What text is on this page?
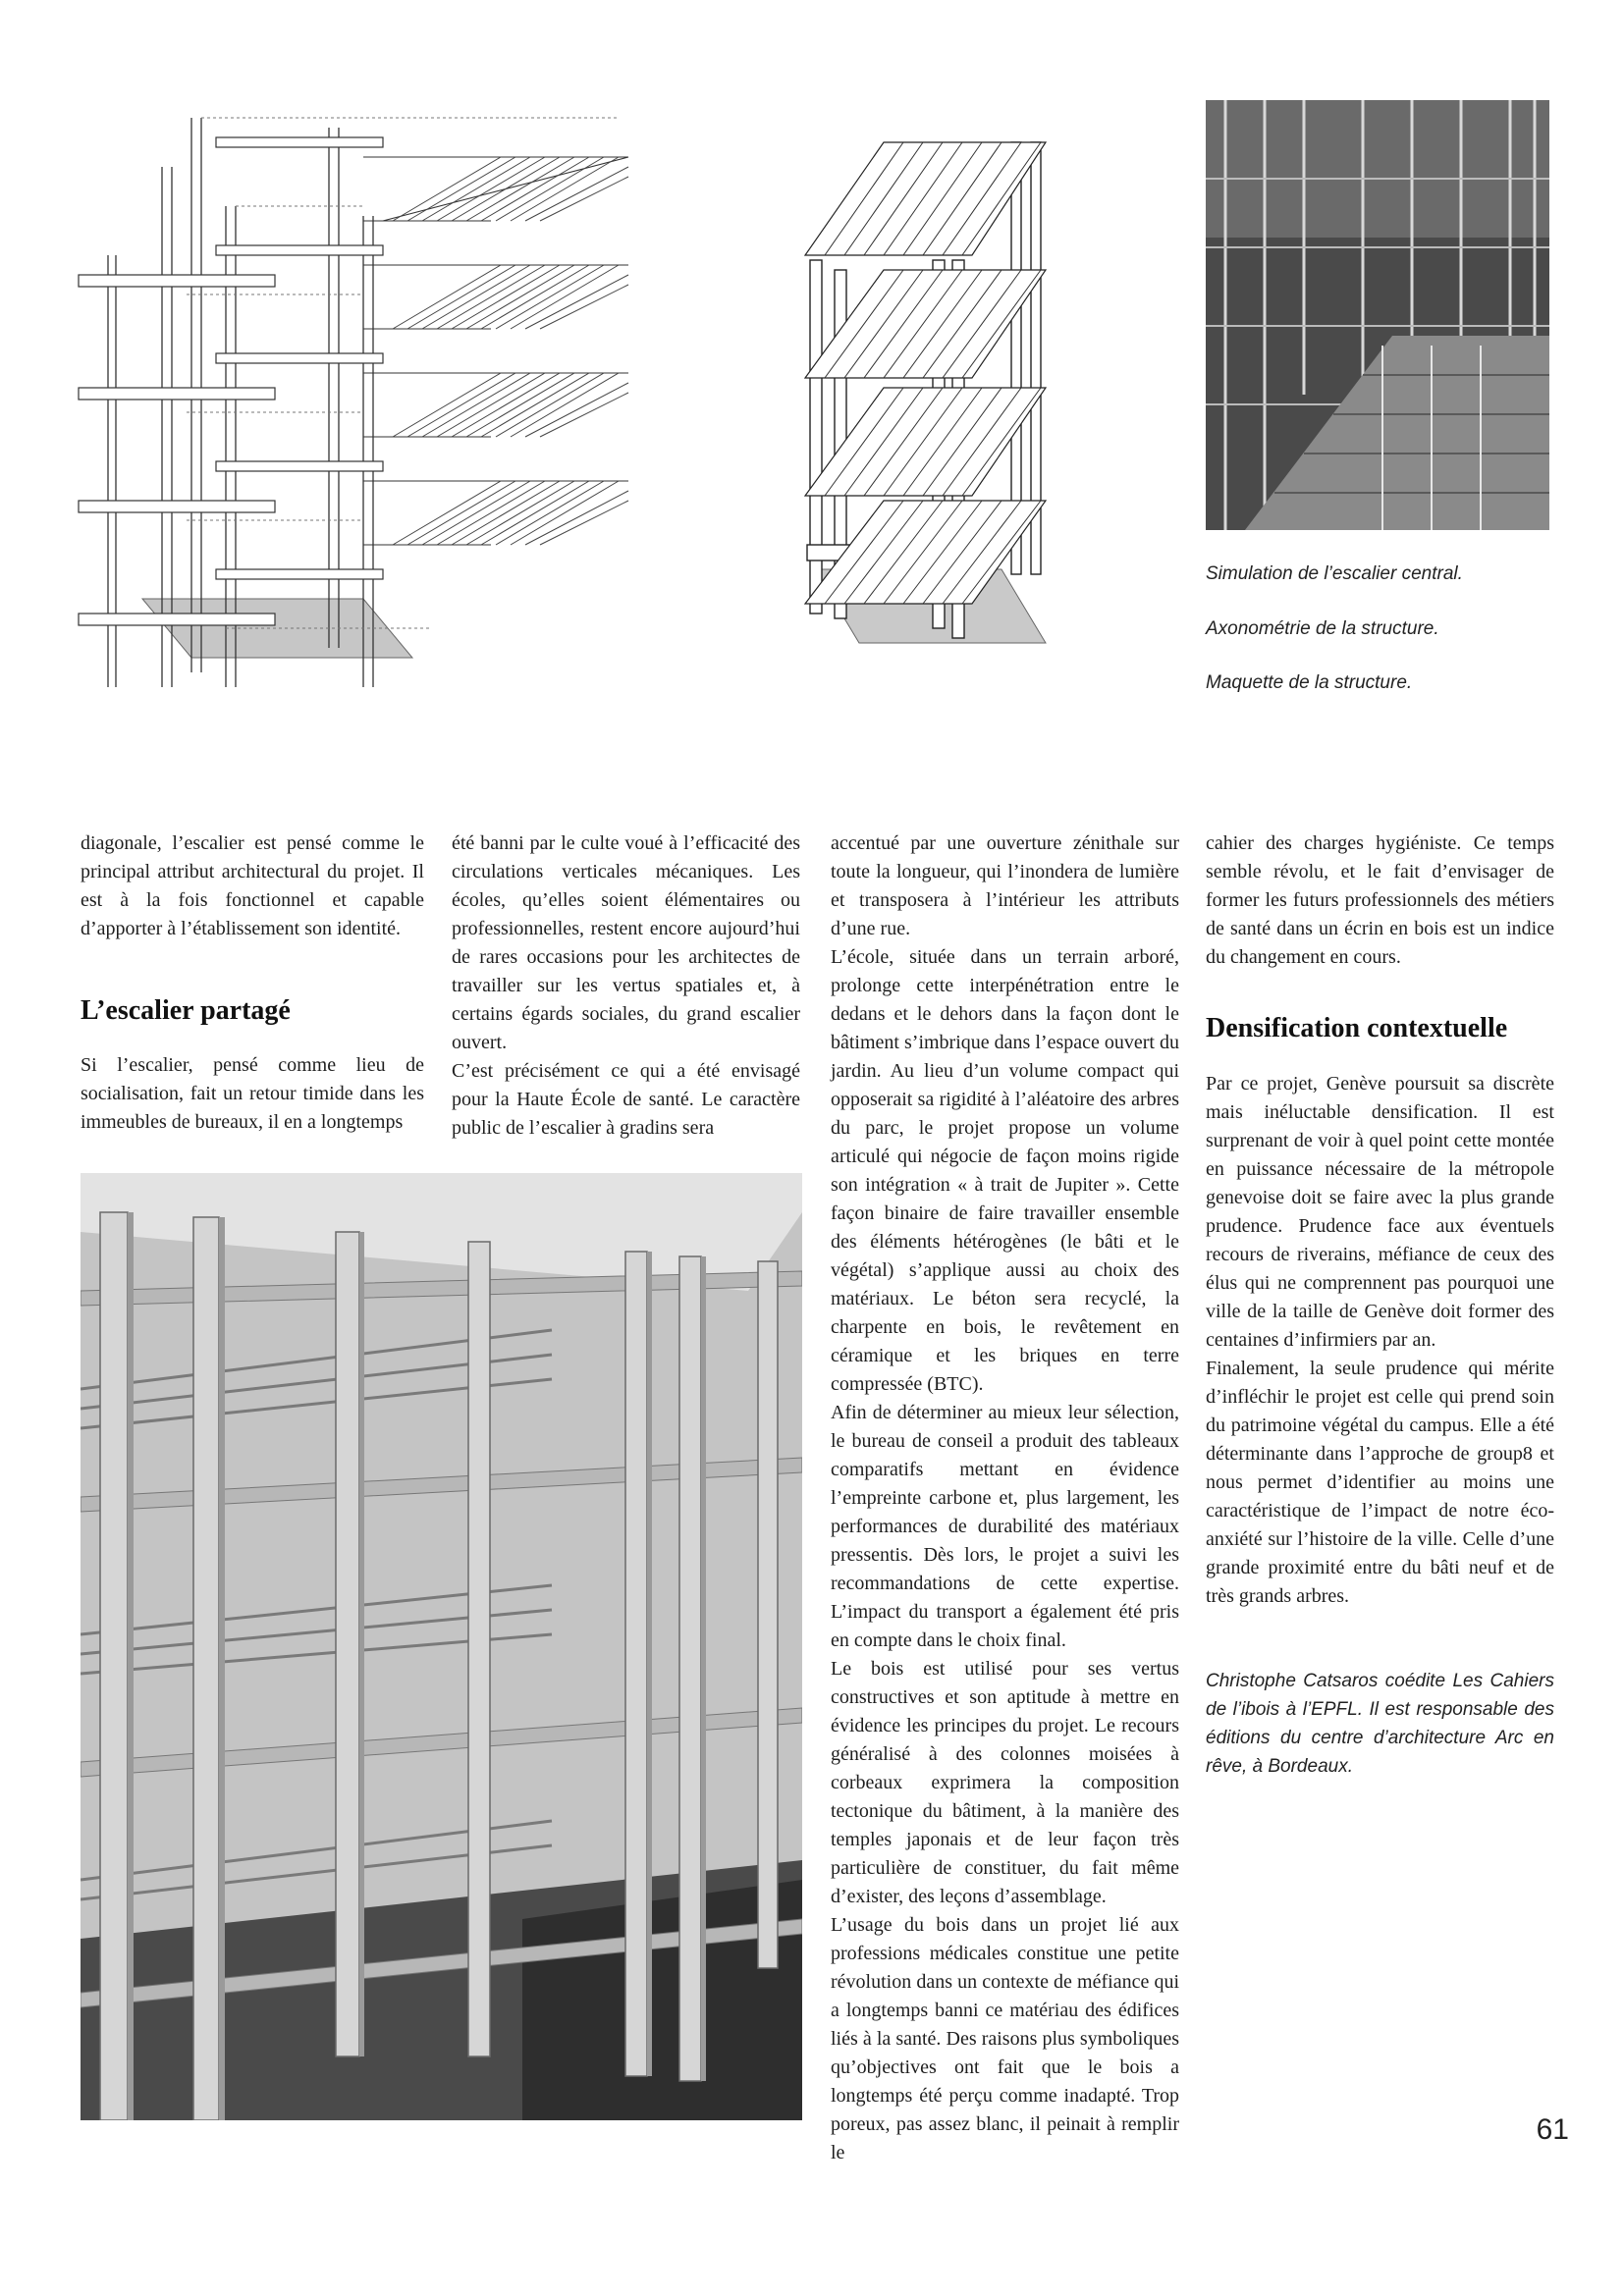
Simulation de l’escalier central.
Axonométrie de la structure.
Maquette de la structure.

diagonale, l’escalier est pensé comme le principal attribut architectural du projet. Il est à la fois fonctionnel et capable d’apporter à l’établissement son identité.

L’escalier partagé

Si l’escalier, pensé comme lieu de socialisation, fait un retour timide dans les immeubles de bureaux, il en a longtemps

été banni par le culte voué à l’efficacité des circulations verticales mécaniques. Les écoles, qu’elles soient élémentaires ou professionnelles, restent encore aujourd’hui de rares occasions pour les architectes de travailler sur les vertus spatiales et, à certains égards sociales, du grand escalier ouvert.

C’est précisément ce qui a été envisagé pour la Haute École de santé. Le caractère public de l’escalier à gradins sera

accentué par une ouverture zénithale sur toute la longueur, qui l’inondera de lumière et transposera à l’intérieur les attributs d’une rue.

L’école, située dans un terrain arboré, prolonge cette interpénétration entre le dedans et le dehors dans la façon dont le bâtiment s’imbrique dans l’espace ouvert du jardin. Au lieu d’un volume compact qui opposerait sa rigidité à l’aléatoire des arbres du parc, le projet propose un volume articulé qui négocie de façon moins rigide son intégration « à trait de Jupiter ». Cette façon binaire de faire travailler ensemble des éléments hétérogènes (le bâti et le végétal) s’applique aussi au choix des matériaux. Le béton sera recyclé, la charpente en bois, le revêtement en céramique et les briques en terre compressée (BTC).

Afin de déterminer au mieux leur sélection, le bureau de conseil a produit des tableaux comparatifs mettant en évidence l’empreinte carbone et, plus largement, les performances de durabilité des matériaux pressentis. Dès lors, le projet a suivi les recommandations de cette expertise. L’impact du transport a également été pris en compte dans le choix final.

Le bois est utilisé pour ses vertus constructives et son aptitude à mettre en évidence les principes du projet. Le recours généralisé à des colonnes moisées à corbeaux exprimera la composition tectonique du bâtiment, à la manière des temples japonais et de leur façon très particulière de constituer, du fait même d’exister, des leçons d’assemblage.

L’usage du bois dans un projet lié aux professions médicales constitue une petite révolution dans un contexte de méfiance qui a longtemps banni ce matériau des édifices liés à la santé. Des raisons plus symboliques qu’objectives ont fait que le bois a longtemps été perçu comme inadapté. Trop poreux, pas assez blanc, il peinait à remplir le

cahier des charges hygiéniste. Ce temps semble révolu, et le fait d’envisager de former les futurs professionnels des métiers de santé dans un écrin en bois est un indice du changement en cours.

Densification contextuelle

Par ce projet, Genève poursuit sa discrète mais inéluctable densification. Il est surprenant de voir à quel point cette montée en puissance nécessaire de la métropole genevoise doit se faire avec la plus grande prudence. Prudence face aux éventuels recours de riverains, méfiance de ceux des élus qui ne comprennent pas pourquoi une ville de la taille de Genève doit former des centaines d’infirmiers par an.

Finalement, la seule prudence qui mérite d’infléchir le projet est celle qui prend soin du patrimoine végétal du campus. Elle a été déterminante dans l’approche de group8 et nous permet d’identifier au moins une caractéristique de l’impact de notre éco-anxiété sur l’histoire de la ville. Celle d’une grande proximité entre du bâti neuf et de très grands arbres.

Christophe Catsaros coédite Les Cahiers de l’ibois à l’EPFL. Il est responsable des éditions du centre d’architecture Arc en rêve, à Bordeaux.

61
